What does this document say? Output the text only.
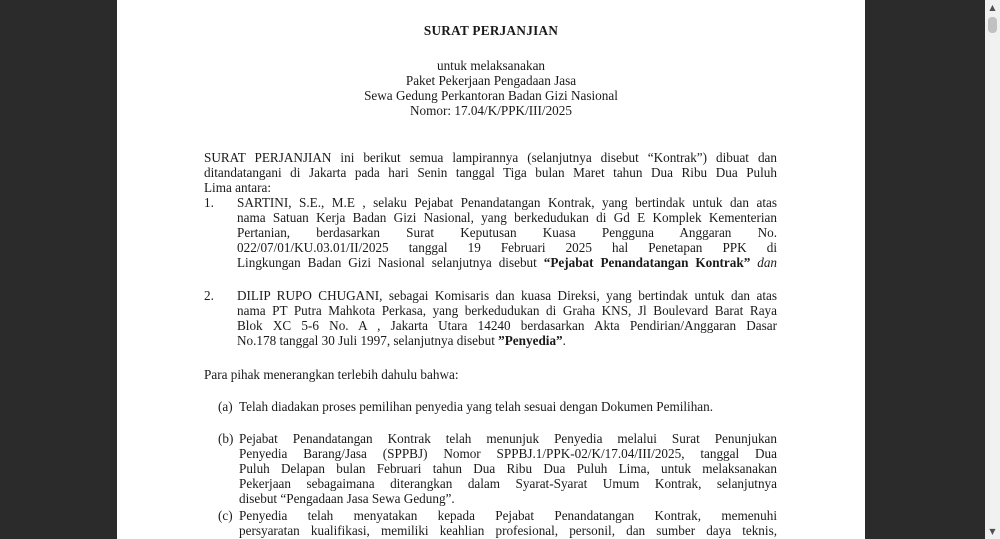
SURAT PERJANJIAN
untuk melaksanakan
Paket Pekerjaan Pengadaan Jasa
Sewa Gedung Perkantoran Badan Gizi Nasional
Nomor: 17.04/K/PPK/III/2025
SURAT PERJANJIAN ini berikut semua lampirannya (selanjutnya disebut “Kontrak”) dibuat dan
ditandatangani di Jakarta pada hari Senin tanggal Tiga bulan Maret tahun Dua Ribu Dua Puluh
Lima antara:
1. SARTINI, S.E., M.E , selaku Pejabat Penandatangan Kontrak, yang bertindak untuk dan atas
nama Satuan Kerja Badan Gizi Nasional, yang berkedudukan di Gd E Komplek Kementerian
Pertanian, berdasarkan Surat Keputusan Kuasa Pengguna Anggaran No.
022/07/01/KU.03.01/II/2025 tanggal 19 Februari 2025 hal Penetapan PPK di
Lingkungan Badan Gizi Nasional selanjutnya disebut “Pejabat Penandatangan Kontrak” dan
2. DILIP RUPO CHUGANI, sebagai Komisaris dan kuasa Direksi, yang bertindak untuk dan atas
nama PT Putra Mahkota Perkasa, yang berkedudukan di Graha KNS, Jl Boulevard Barat Raya
Blok XC 5-6 No. A , Jakarta Utara 14240 berdasarkan Akta Pendirian/Anggaran Dasar
No.178 tanggal 30 Juli 1997, selanjutnya disebut ”Penyedia”.
Para pihak menerangkan terlebih dahulu bahwa:
(a) Telah diadakan proses pemilihan penyedia yang telah sesuai dengan Dokumen Pemilihan.
(b) Pejabat Penandatangan Kontrak telah menunjuk Penyedia melalui Surat Penunjukan
Penyedia Barang/Jasa (SPPBJ) Nomor SPPBJ.1/PPK-02/K/17.04/III/2025, tanggal Dua
Puluh Delapan bulan Februari tahun Dua Ribu Dua Puluh Lima, untuk melaksanakan
Pekerjaan sebagaimana diterangkan dalam Syarat-Syarat Umum Kontrak, selanjutnya
disebut “Pengadaan Jasa Sewa Gedung”.
(c) Penyedia telah menyatakan kepada Pejabat Penandatangan Kontrak, memenuhi
persyaratan kualifikasi, memiliki keahlian profesional, personil, dan sumber daya teknis,
▲
▼
